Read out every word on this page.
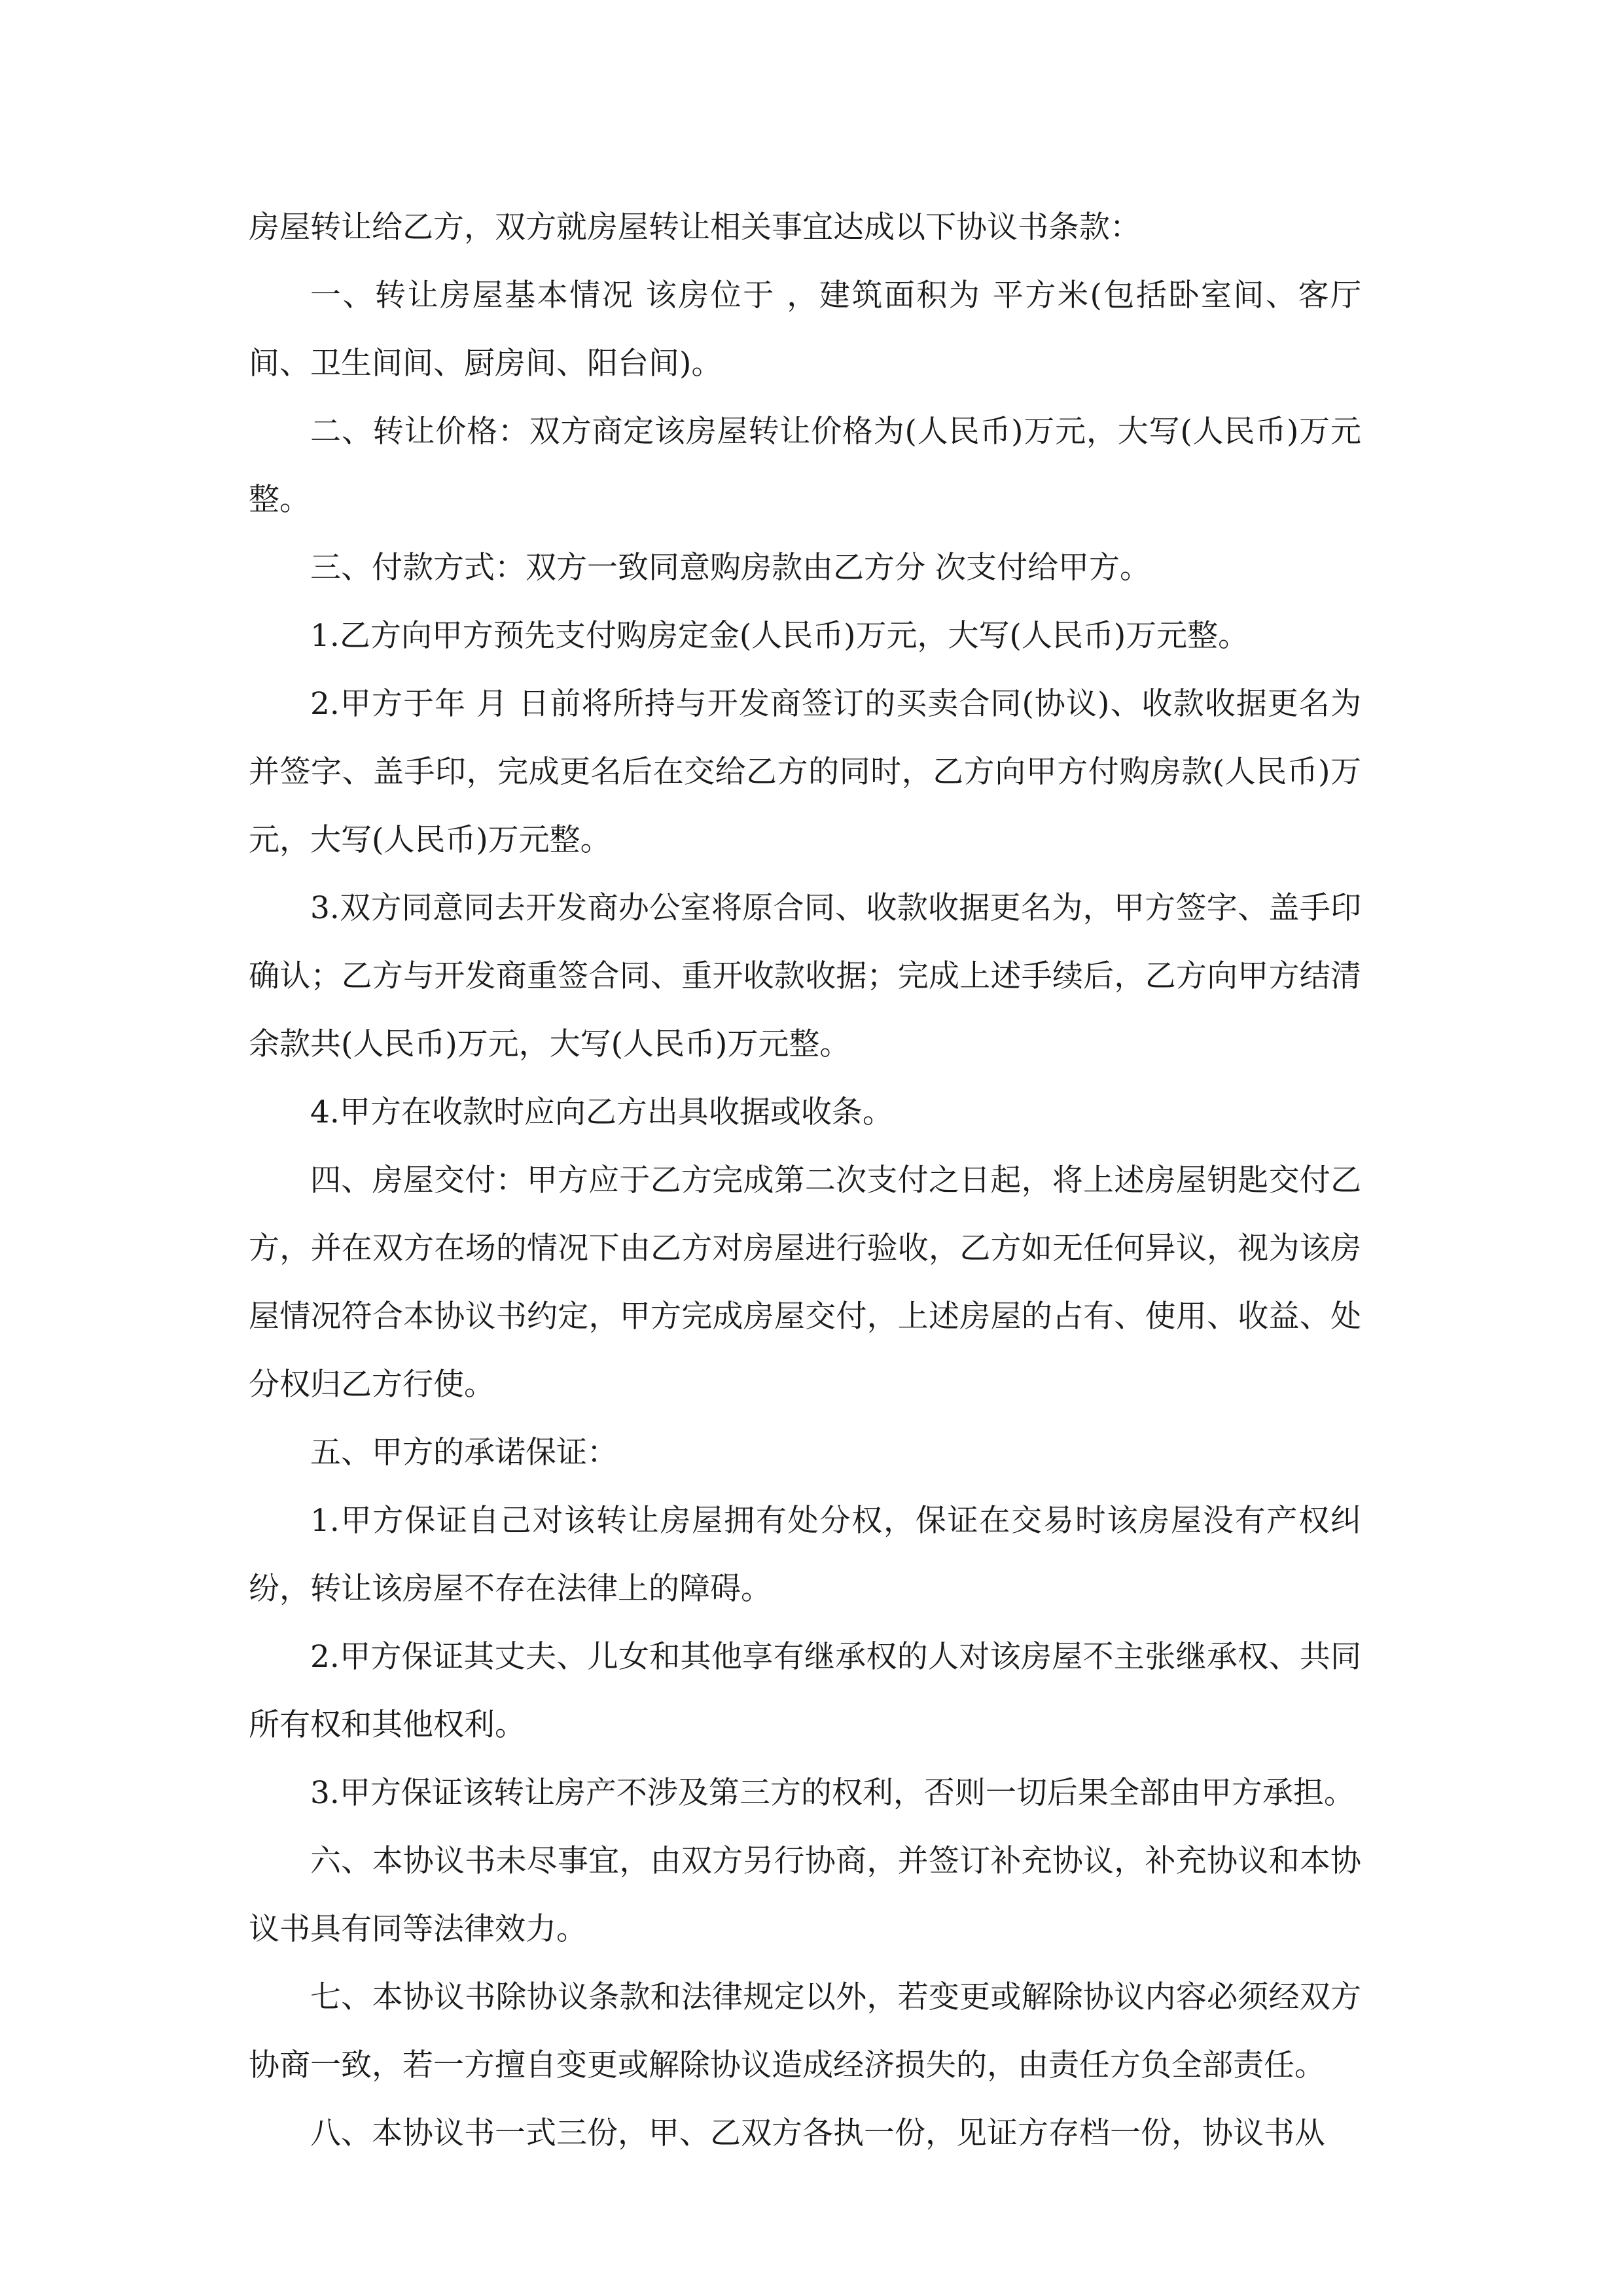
房屋转让给乙方，双方就房屋转让相关事宜达成以下协议书条款：

一、转让房屋基本情况 该房位于 ，建筑面积为 平方米(包括卧室间、客厅间、卫生间间、厨房间、阳台间)。

二、转让价格：双方商定该房屋转让价格为(人民币)万元，大写(人民币)万元整。

三、付款方式：双方一致同意购房款由乙方分 次支付给甲方。

1.乙方向甲方预先支付购房定金(人民币)万元，大写(人民币)万元整。

2.甲方于年 月 日前将所持与开发商签订的买卖合同(协议)、收款收据更名为 并签字、盖手印，完成更名后在交给乙方的同时，乙方向甲方付购房款(人民币)万元，大写(人民币)万元整。

3.双方同意同去开发商办公室将原合同、收款收据更名为，甲方签字、盖手印确认；乙方与开发商重签合同、重开收款收据；完成上述手续后，乙方向甲方结清余款共(人民币)万元，大写(人民币)万元整。

4.甲方在收款时应向乙方出具收据或收条。

四、房屋交付：甲方应于乙方完成第二次支付之日起，将上述房屋钥匙交付乙方，并在双方在场的情况下由乙方对房屋进行验收，乙方如无任何异议，视为该房屋情况符合本协议书约定，甲方完成房屋交付，上述房屋的占有、使用、收益、处分权归乙方行使。

五、甲方的承诺保证：

1.甲方保证自己对该转让房屋拥有处分权，保证在交易时该房屋没有产权纠纷，转让该房屋不存在法律上的障碍。

2.甲方保证其丈夫、儿女和其他享有继承权的人对该房屋不主张继承权、共同所有权和其他权利。

3.甲方保证该转让房产不涉及第三方的权利，否则一切后果全部由甲方承担。

六、本协议书未尽事宜，由双方另行协商，并签订补充协议，补充协议和本协议书具有同等法律效力。

七、本协议书除协议条款和法律规定以外，若变更或解除协议内容必须经双方协商一致，若一方擅自变更或解除协议造成经济损失的，由责任方负全部责任。

八、本协议书一式三份，甲、乙双方各执一份，见证方存档一份，协议书从
